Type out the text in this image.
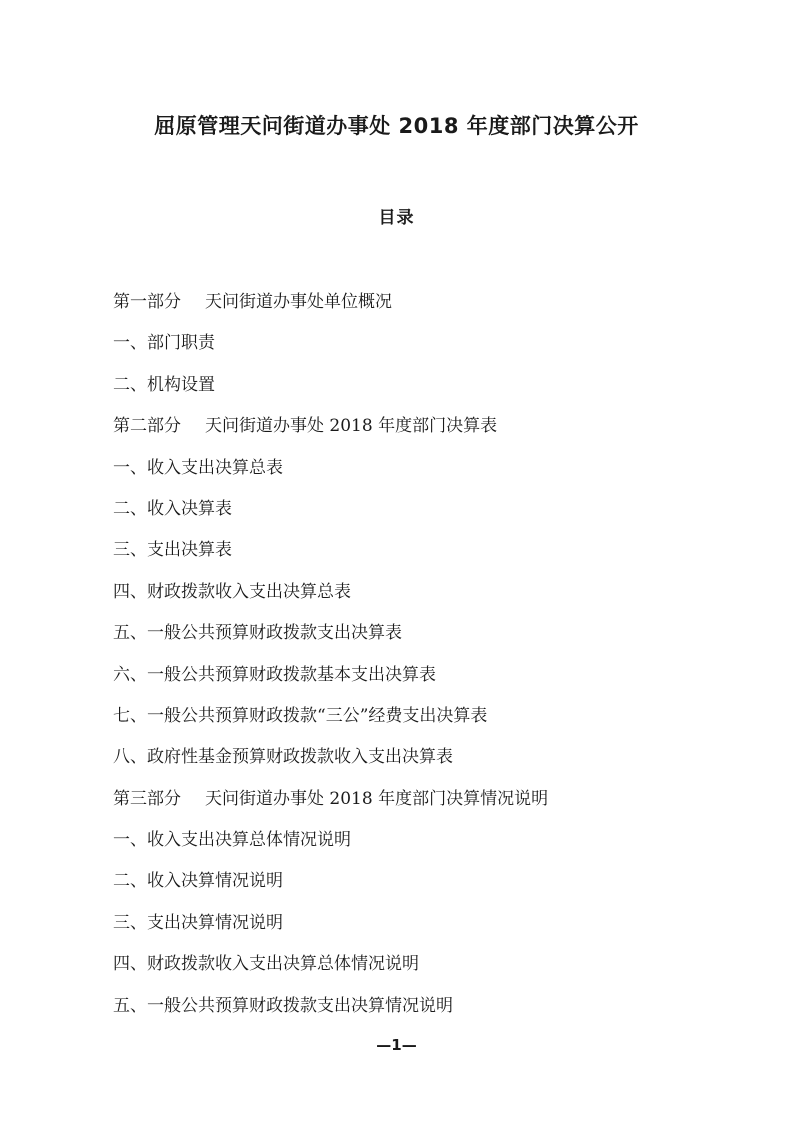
屈原管理天问街道办事处 2018 年度部门决算公开
目录
第一部分 天问街道办事处单位概况
一、部门职责
二、机构设置
第二部分 天问街道办事处 2018 年度部门决算表
一、收入支出决算总表
二、收入决算表
三、支出决算表
四、财政拨款收入支出决算总表
五、一般公共预算财政拨款支出决算表
六、一般公共预算财政拨款基本支出决算表
七、一般公共预算财政拨款“三公”经费支出决算表
八、政府性基金预算财政拨款收入支出决算表
第三部分 天问街道办事处 2018 年度部门决算情况说明
一、收入支出决算总体情况说明
二、收入决算情况说明
三、支出决算情况说明
四、财政拨款收入支出决算总体情况说明
五、一般公共预算财政拨款支出决算情况说明
—1—
